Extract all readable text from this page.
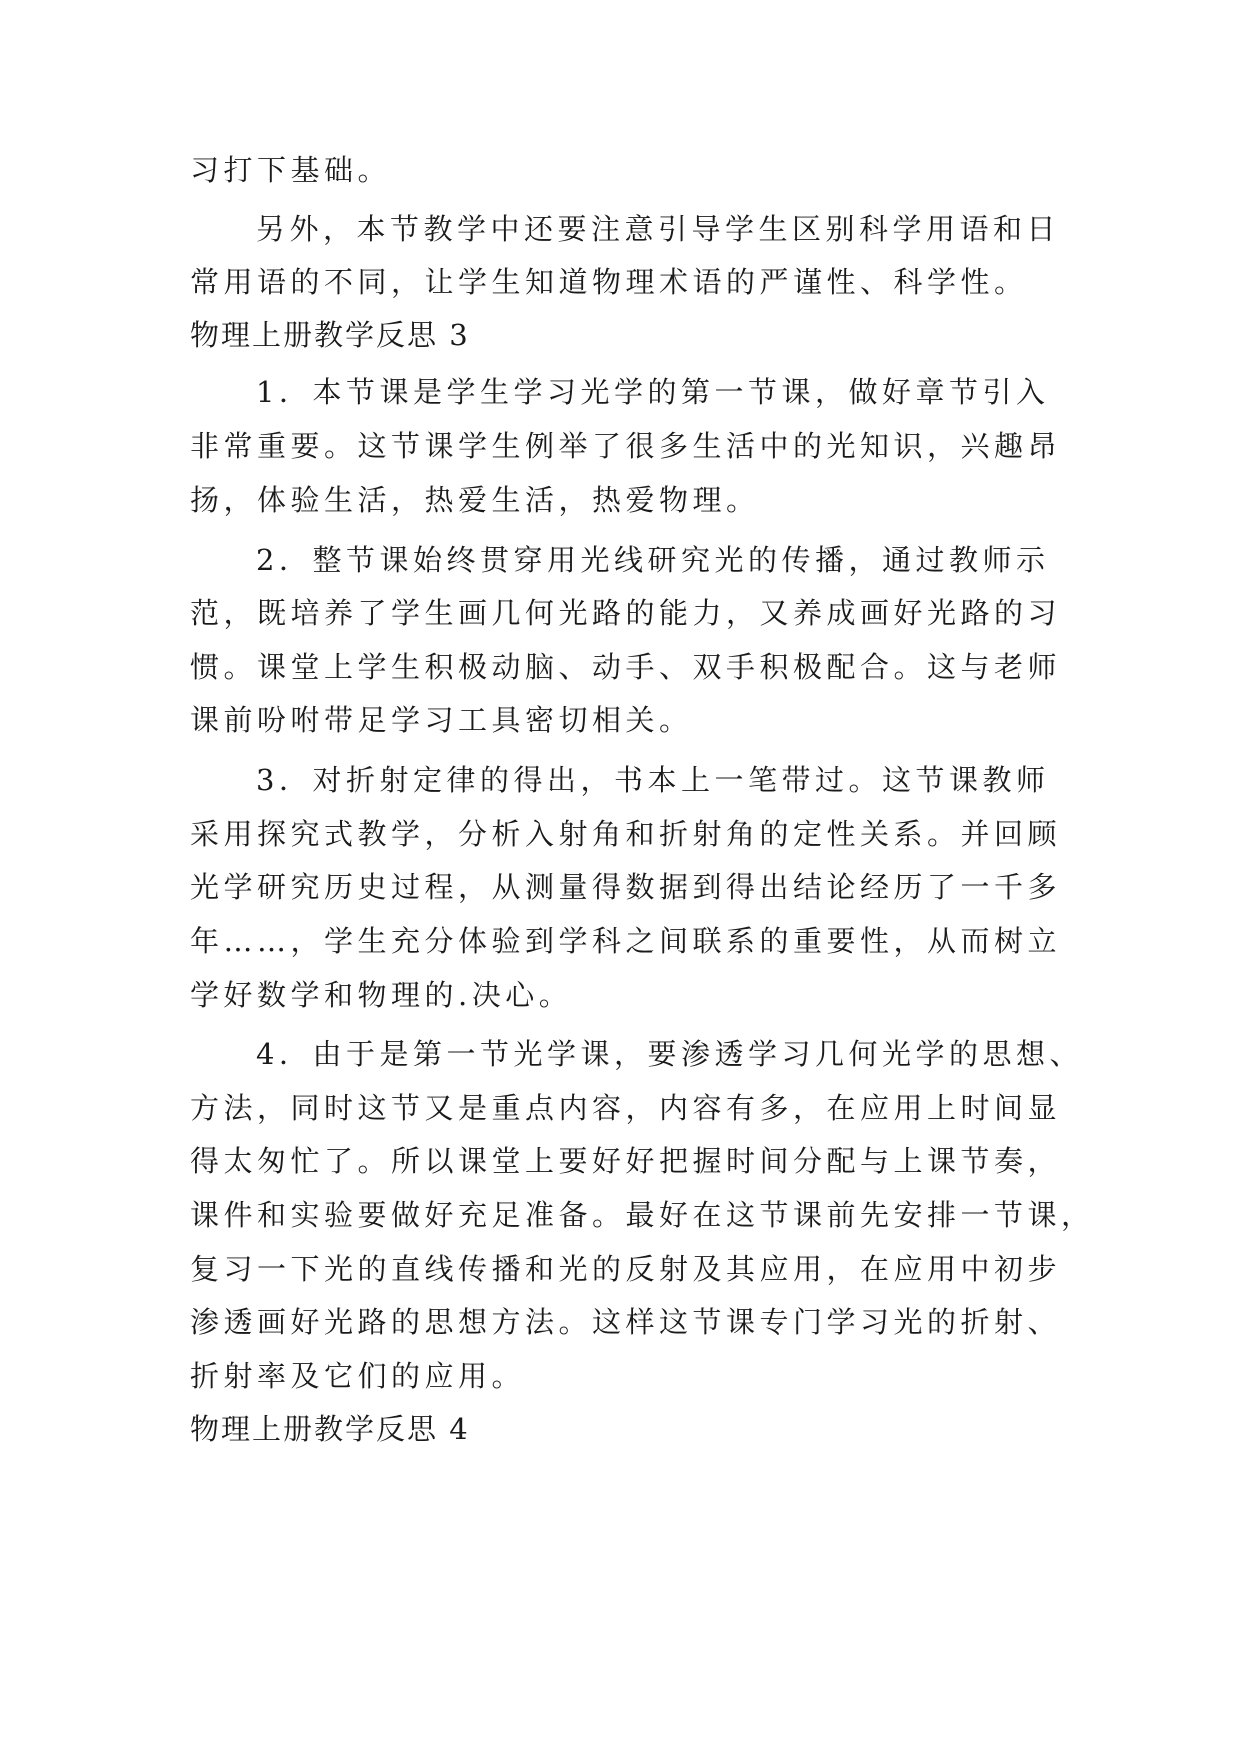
习打下基础。
另外，本节教学中还要注意引导学生区别科学用语和日
常用语的不同，让学生知道物理术语的严谨性、科学性。
物理上册教学反思 3
1．本节课是学生学习光学的第一节课，做好章节引入
非常重要。这节课学生例举了很多生活中的光知识，兴趣昂
扬，体验生活，热爱生活，热爱物理。
2．整节课始终贯穿用光线研究光的传播，通过教师示
范，既培养了学生画几何光路的能力，又养成画好光路的习
惯。课堂上学生积极动脑、动手、双手积极配合。这与老师
课前吩咐带足学习工具密切相关。
3．对折射定律的得出，书本上一笔带过。这节课教师
采用探究式教学，分析入射角和折射角的定性关系。并回顾
光学研究历史过程，从测量得数据到得出结论经历了一千多
年……，学生充分体验到学科之间联系的重要性，从而树立
学好数学和物理的.决心。
4．由于是第一节光学课，要渗透学习几何光学的思想、
方法，同时这节又是重点内容，内容有多，在应用上时间显
得太匆忙了。所以课堂上要好好把握时间分配与上课节奏，
课件和实验要做好充足准备。最好在这节课前先安排一节课，
复习一下光的直线传播和光的反射及其应用，在应用中初步
渗透画好光路的思想方法。这样这节课专门学习光的折射、
折射率及它们的应用。
物理上册教学反思 4
